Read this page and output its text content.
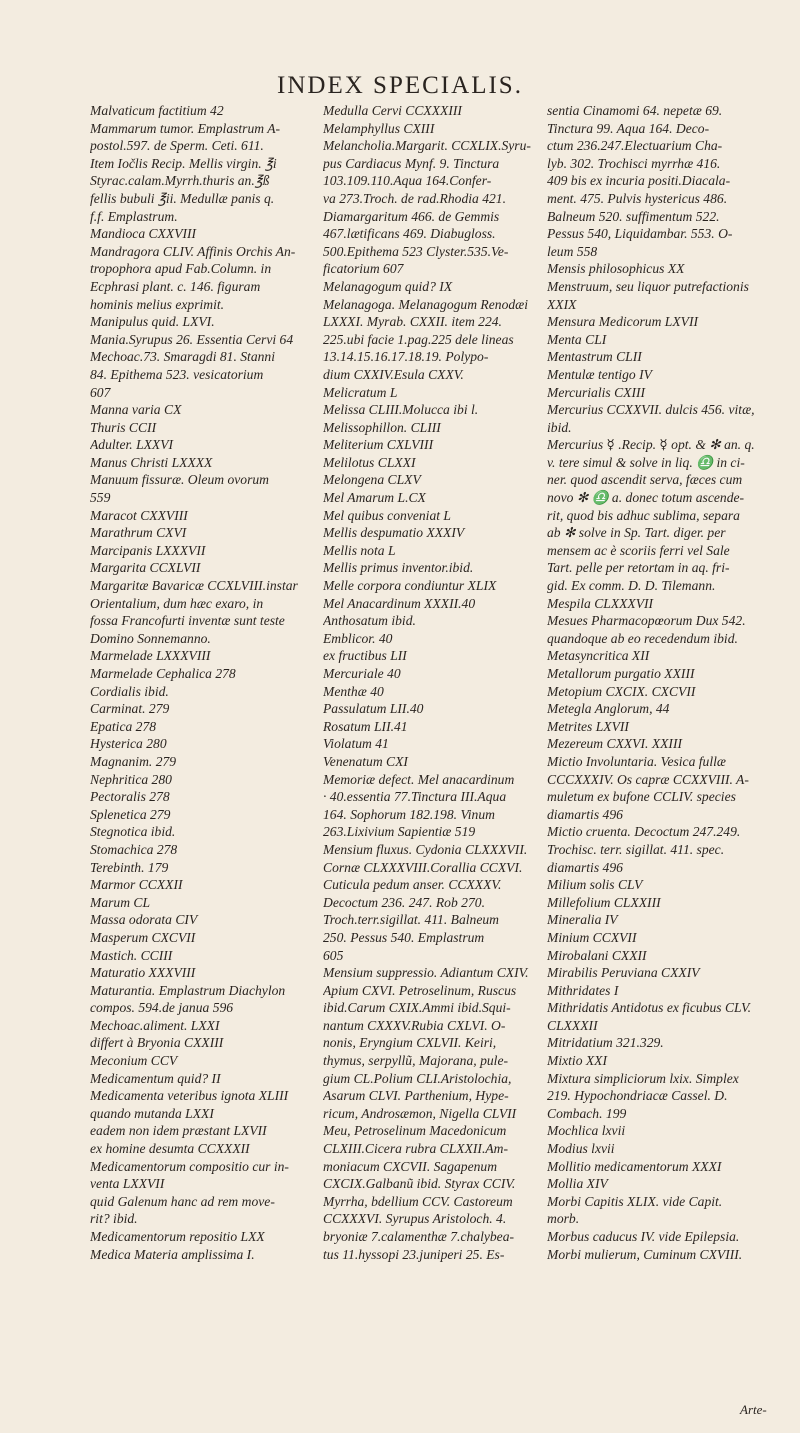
INDEX SPECIALIS.
Malvaticum factitium 42
Mammarum tumor. Emplastrum A-
postol.597. de Sperm. Ceti. 611.
Item Iočlis Recip. Mellis virgin. ℥i
Styrac.calam.Myrrh.thuris an.℥ß
fellis bubuli ℥ii. Medullæ panis q.
f.f. Emplastrum.
Mandioca CXXVIII
Mandragora CLIV. Affinis Orchis An-
tropophora apud Fab.Column. in
Ecphrasi plant. c. 146. figuram
hominis melius exprimit.
Manipulus quid. LXVI.
Mania.Syrupus 26. Essentia Cervi 64
Mechoac.73. Smaragdi 81. Stanni
84. Epithema 523. vesicatorium
607
Manna varia CX
Thuris CCII
Adulter. LXXVI
Manus Christi LXXXX
Manuum fissuræ. Oleum ovorum
559
Maracot CXXVIII
Marathrum CXVI
Marcipanis LXXXVII
Margarita CCXLVII
Margaritæ Bavaricæ CCXLVIII.instar
Orientalium, dum hæc exaro, in
fossa Francofurti inventæ sunt teste
Domino Sonnemanno.
Marmelade LXXXVIII
Marmelade Cephalica 278
Cordialis ibid.
Carminat. 279
Epatica 278
Hysterica 280
Magnanim. 279
Nephritica 280
Pectoralis 278
Splenetica 279
Stegnotica ibid.
Stomachica 278
Terebinth. 179
Marmor CCXXII
Marum CL
Massa odorata CIV
Masperum CXCVII
Mastich. CCIII
Maturatio XXXVIII
Maturantia. Emplastrum Diachylon
compos. 594.de janua 596
Mechoac.aliment. LXXI
differt à Bryonia CXXIII
Meconium CCV
Medicamentum quid? II
Medicamenta veteribus ignota XLIII
quando mutanda LXXI
eadem non idem præstant LXVII
ex homine desumta CCXXXII
Medicamentorum compositio cur in-
venta LXXVII
quid Galenum hanc ad rem move-
rit? ibid.
Medicamentorum repositio LXX
Medica Materia amplissima I.
Medulla Cervi CCXXXIII
Melamphyllus CXIII
Melancholia.Margarit. CCXLIX.Syru-
pus Cardiacus Mynf. 9. Tinctura
103.109.110.Aqua 164.Confer-
va 273.Troch. de rad.Rhodia 421.
Diamargaritum 466. de Gemmis
467.lætificans 469. Diabugloss.
500.Epithema 523 Clyster.535.Ve-
ficatorium 607
Melanagogum quid? IX
Melanagoga. Melanagogum Renodæi
LXXXI. Myrab. CXXII. item 224.
225.ubi facie 1.pag.225 dele lineas
13.14.15.16.17.18.19. Polypo-
dium CXXIV.Esula CXXV.
Melicratum L
Melissa CLIII.Molucca ibi l.
Melissophillon. CLIII
Meliterium CXLVIII
Melilotus CLXXI
Melongena CLXV
Mel Amarum L.CX
Mel quibus conveniat L
Mellis despumatio XXXIV
Mellis nota L
Mellis primus inventor.ibid.
Melle corpora condiuntur XLIX
Mel Anacardinum XXXII.40
Anthosatum ibid.
Emblicor. 40
ex fructibus LII
Mercuriale 40
Menthæ 40
Passulatum LII.40
Rosatum LII.41
Violatum 41
Venenatum CXI
Memoriæ defect. Mel anacardinum
· 40.essentia 77.Tinctura III.Aqua
164. Sophorum 182.198. Vinum
263.Lixivium Sapientiæ 519
Mensium fluxus. Cydonia CLXXXVII.
Cornæ CLXXXVIII.Corallia CCXVI.
Cuticula pedum anser. CCXXXV.
Decoctum 236. 247. Rob 270.
Troch.terr.sigillat. 411. Balneum
250. Pessus 540. Emplastrum
605
Mensium suppressio. Adiantum CXIV.
Apium CXVI. Petroselinum, Ruscus
ibid.Carum CXIX.Ammi ibid.Squi-
nantum CXXXV.Rubia CXLVI. O-
nonis, Eryngium CXLVII. Keiri,
thymus, serpyllũ, Majorana, pule-
gium CL.Polium CLI.Aristolochia,
Asarum CLVI. Parthenium, Hype-
ricum, Androsæmon, Nigella CLVII
Meu, Petroselinum Macedonicum
CLXIII.Cicera rubra CLXXII.Am-
moniacum CXCVII. Sagapenum
CXCIX.Galbanũ ibid. Styrax CCIV.
Myrrha, bdellium CCV. Castoreum
CCXXXVI. Syrupus Aristoloch. 4.
bryoniæ 7.calamenthæ 7.chalybea-
tus 11.hyssopi 23.juniperi 25. Es-
sentia Cinamomi 64. nepetæ 69.
Tinctura 99. Aqua 164. Deco-
ctum 236.247.Electuarium Cha-
lyb. 302. Trochisci myrrhæ 416.
409 bis ex incuria positi.Diacala-
ment. 475. Pulvis hystericus 486.
Balneum 520. suffimentum 522.
Pessus 540, Liquidambar. 553. O-
leum 558
Mensis philosophicus XX
Menstruum, seu liquor putrefactionis
XXIX
Mensura Medicorum LXVII
Menta CLI
Mentastrum CLII
Mentulæ tentigo IV
Mercurialis CXIII
Mercurius CCXXVII. dulcis 456. vitæ,
ibid.
Mercurius ☿ .Recip. ☿ opt. & ✻ an. q.
v. tere simul & solve in liq. ♎ in ci-
ner. quod ascendit serva, fæces cum
novo ✻ ♎ a. donec totum ascende-
rit, quod bis adhuc sublima, separa
ab ✻ solve in Sp. Tart. diger. per
mensem ac è scoriis ferri vel Sale
Tart. pelle per retortam in aq. fri-
gid. Ex comm. D. D. Tilemann.
Mespila CLXXXVII
Mesues Pharmacopœorum Dux 542.
quandoque ab eo recedendum ibid.
Metasyncritica XII
Metallorum purgatio XXIII
Metopium CXCIX. CXCVII
Metegla Anglorum, 44
Metrites LXVII
Mezereum CXXVI. XXIII
Mictio Involuntaria. Vesica fullæ
CCCXXXIV. Os capræ CCXXVIII. A-
muletum ex bufone CCLIV. species
diamartis 496
Mictio cruenta. Decoctum 247.249.
Trochisc. terr. sigillat. 411. spec.
diamartis 496
Milium solis CLV
Millefolium CLXXIII
Mineralia IV
Minium CCXVII
Mirobalani CXXII
Mirabilis Peruviana CXXIV
Mithridates I
Mithridatis Antidotus ex ficubus CLV.
CLXXXII
Mitridatium 321.329.
Mixtio XXI
Mixtura simpliciorum lxix. Simplex
219. Hypochondriacæ Cassel. D.
Combach. 199
Mochlica lxvii
Modius lxvii
Mollitio medicamentorum XXXI
Mollia XIV
Morbi Capitis XLIX. vide Capit.
morb.
Morbus caducus IV. vide Epilepsia.
Morbi mulierum, Cuminum CXVIII.
Arte-
